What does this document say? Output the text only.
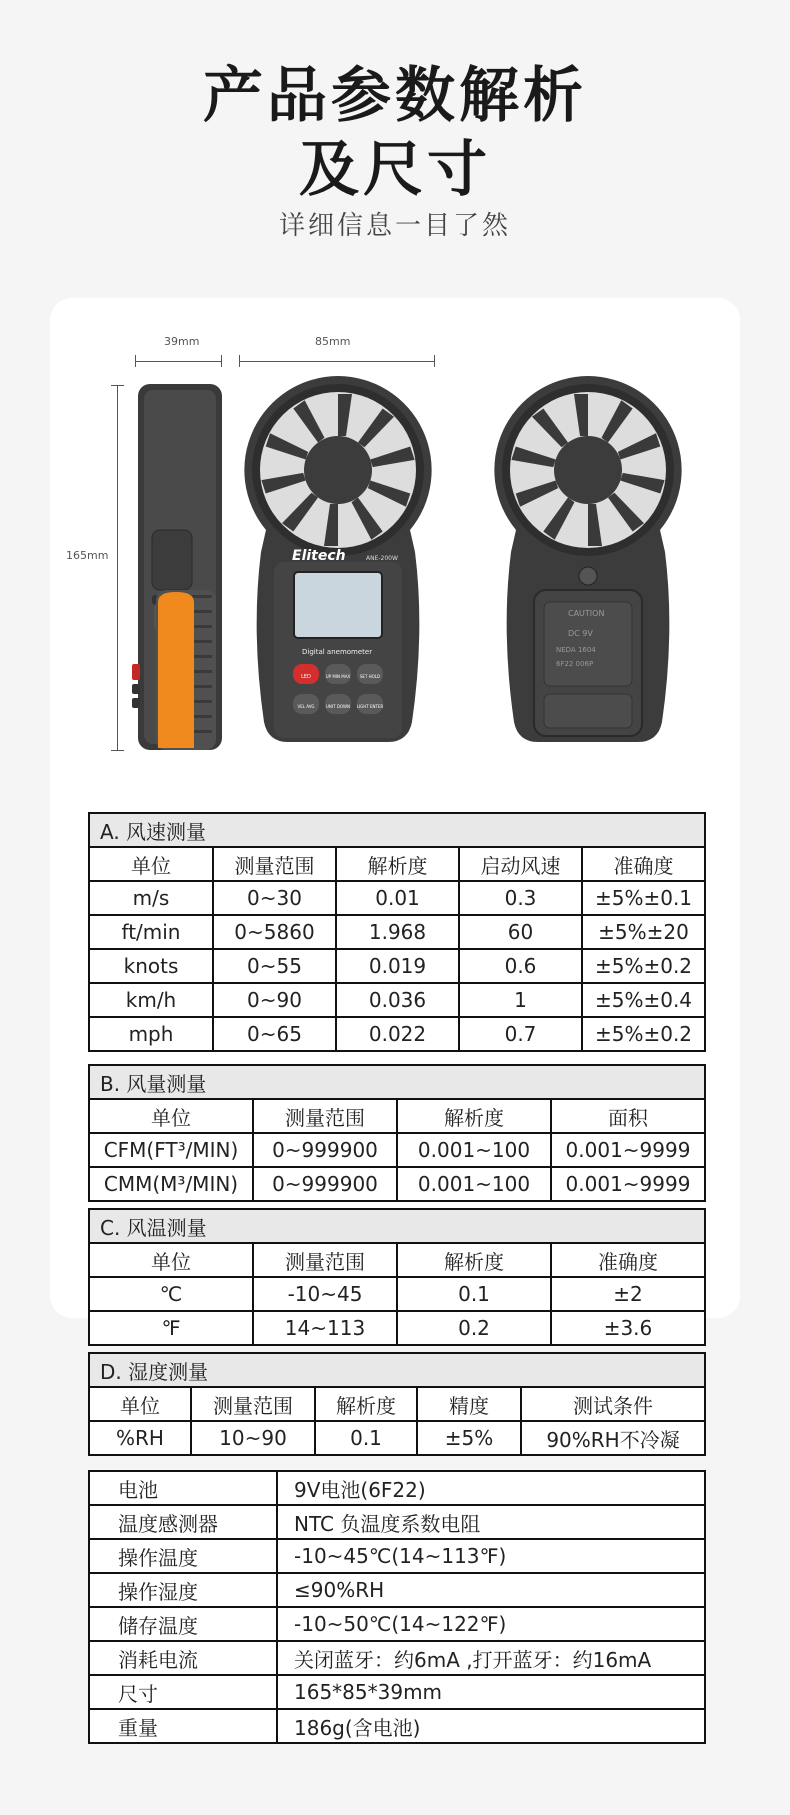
产品参数解析
及尺寸
详细信息一目了然
39mm	85mm
165mm	Elitech	ANE-200W
Digital anemometer
LED	UP MIN MAX SET HOLD
VEL AVG	UNIT DOWN LIGHT ENTER
CAUTION
DC 9V
NEDA 1604
6F22 006P
A. 风速测量				
单位	测量范围	解析度	启动风速	准确度
m/s	0~30	0.01	0.3	±5%±0.1
ft/min	0~5860	1.968	60	±5%±20
knots	0~55	0.019	0.6	±5%±0.2
km/h	0~90	0.036	1	±5%±0.4
mph	0~65	0.022	0.7	±5%±0.2
B. 风量测量			
单位	测量范围	解析度	面积
CFM(FT³/MIN)	0~999900	0.001~100	0.001~9999
CMM(M³/MIN)	0~999900	0.001~100	0.001~9999
C. 风温测量			
单位	测量范围	解析度	准确度
℃	-10~45	0.1	±2
℉	14~113	0.2	±3.6
D. 湿度测量				
单位	测量范围	解析度	精度	测试条件
%RH	10~90	0.1	±5%	90%RH不冷凝
电池	9V电池(6F22)
温度感测器	NTC 负温度系数电阻
操作温度	-10~45℃(14~113℉)
操作湿度	≤90%RH
储存温度	-10~50℃(14~122℉)
消耗电流	关闭蓝牙：约6mA ,打开蓝牙：约16mA
尺寸	165*85*39mm
重量	186g(含电池)
